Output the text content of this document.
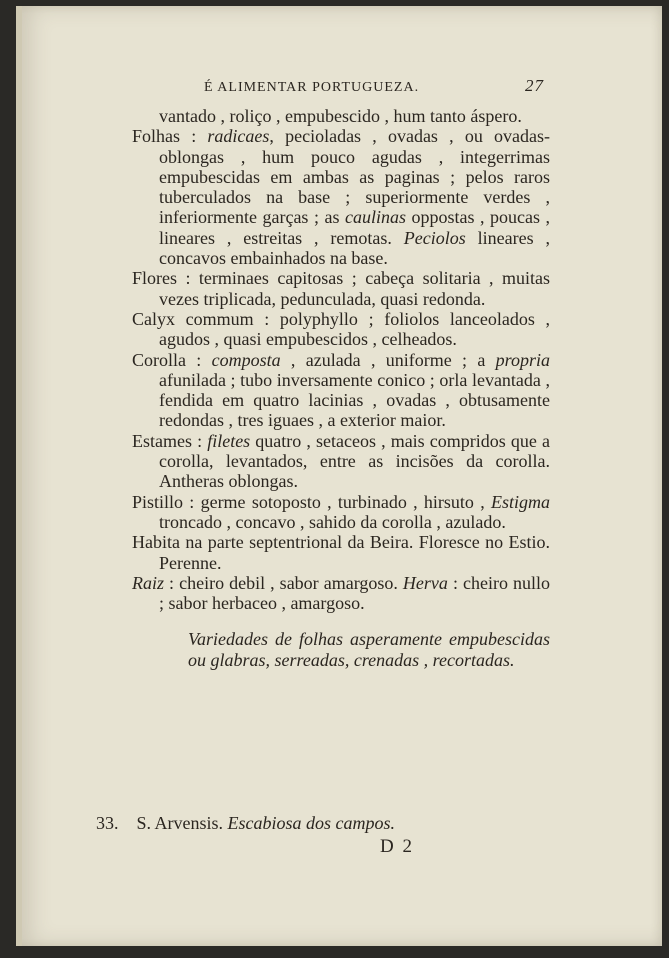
É ALIMENTAR PORTUGUEZA.	27

vantado , roliço , empubescido , hum tanto áspero.

Folhas : radicaes, pecioladas , ovadas , ou ovadas-oblongas , hum pouco agudas , integerrimas empubescidas em ambas as paginas ; pelos raros tuberculados na base ; superiormente verdes , inferiormente garças ; as caulinas oppostas , poucas , lineares , estreitas , remotas. Peciolos lineares , concavos embainhados na base.

Flores : terminaes capitosas ; cabeça solitaria , muitas vezes triplicada, pedunculada, quasi redonda.

Calyx commum : polyphyllo ; foliolos lanceolados , agudos , quasi empubescidos , celheados.

Corolla : composta , azulada , uniforme ; a propria afunilada ; tubo inversamente conico ; orla levantada , fendida em quatro lacinias , ovadas , obtusamente redondas , tres iguaes , a exterior maior.

Estames : filetes quatro , setaceos , mais compridos que a corolla, levantados, entre as incisões da corolla. Antheras oblongas.

Pistillo : germe sotoposto , turbinado , hirsuto , Estigma troncado , concavo , sahido da corolla , azulado.

Habita na parte septentrional da Beira. Floresce no Estio. Perenne.

Raiz : cheiro debil , sabor amargoso. Herva : cheiro nullo ; sabor herbaceo , amargoso.

Variedades de folhas asperamente empubescidas ou glabras, serreadas, crenadas , recortadas.

33. S. Arvensis. Escabiosa dos campos.
D 2
